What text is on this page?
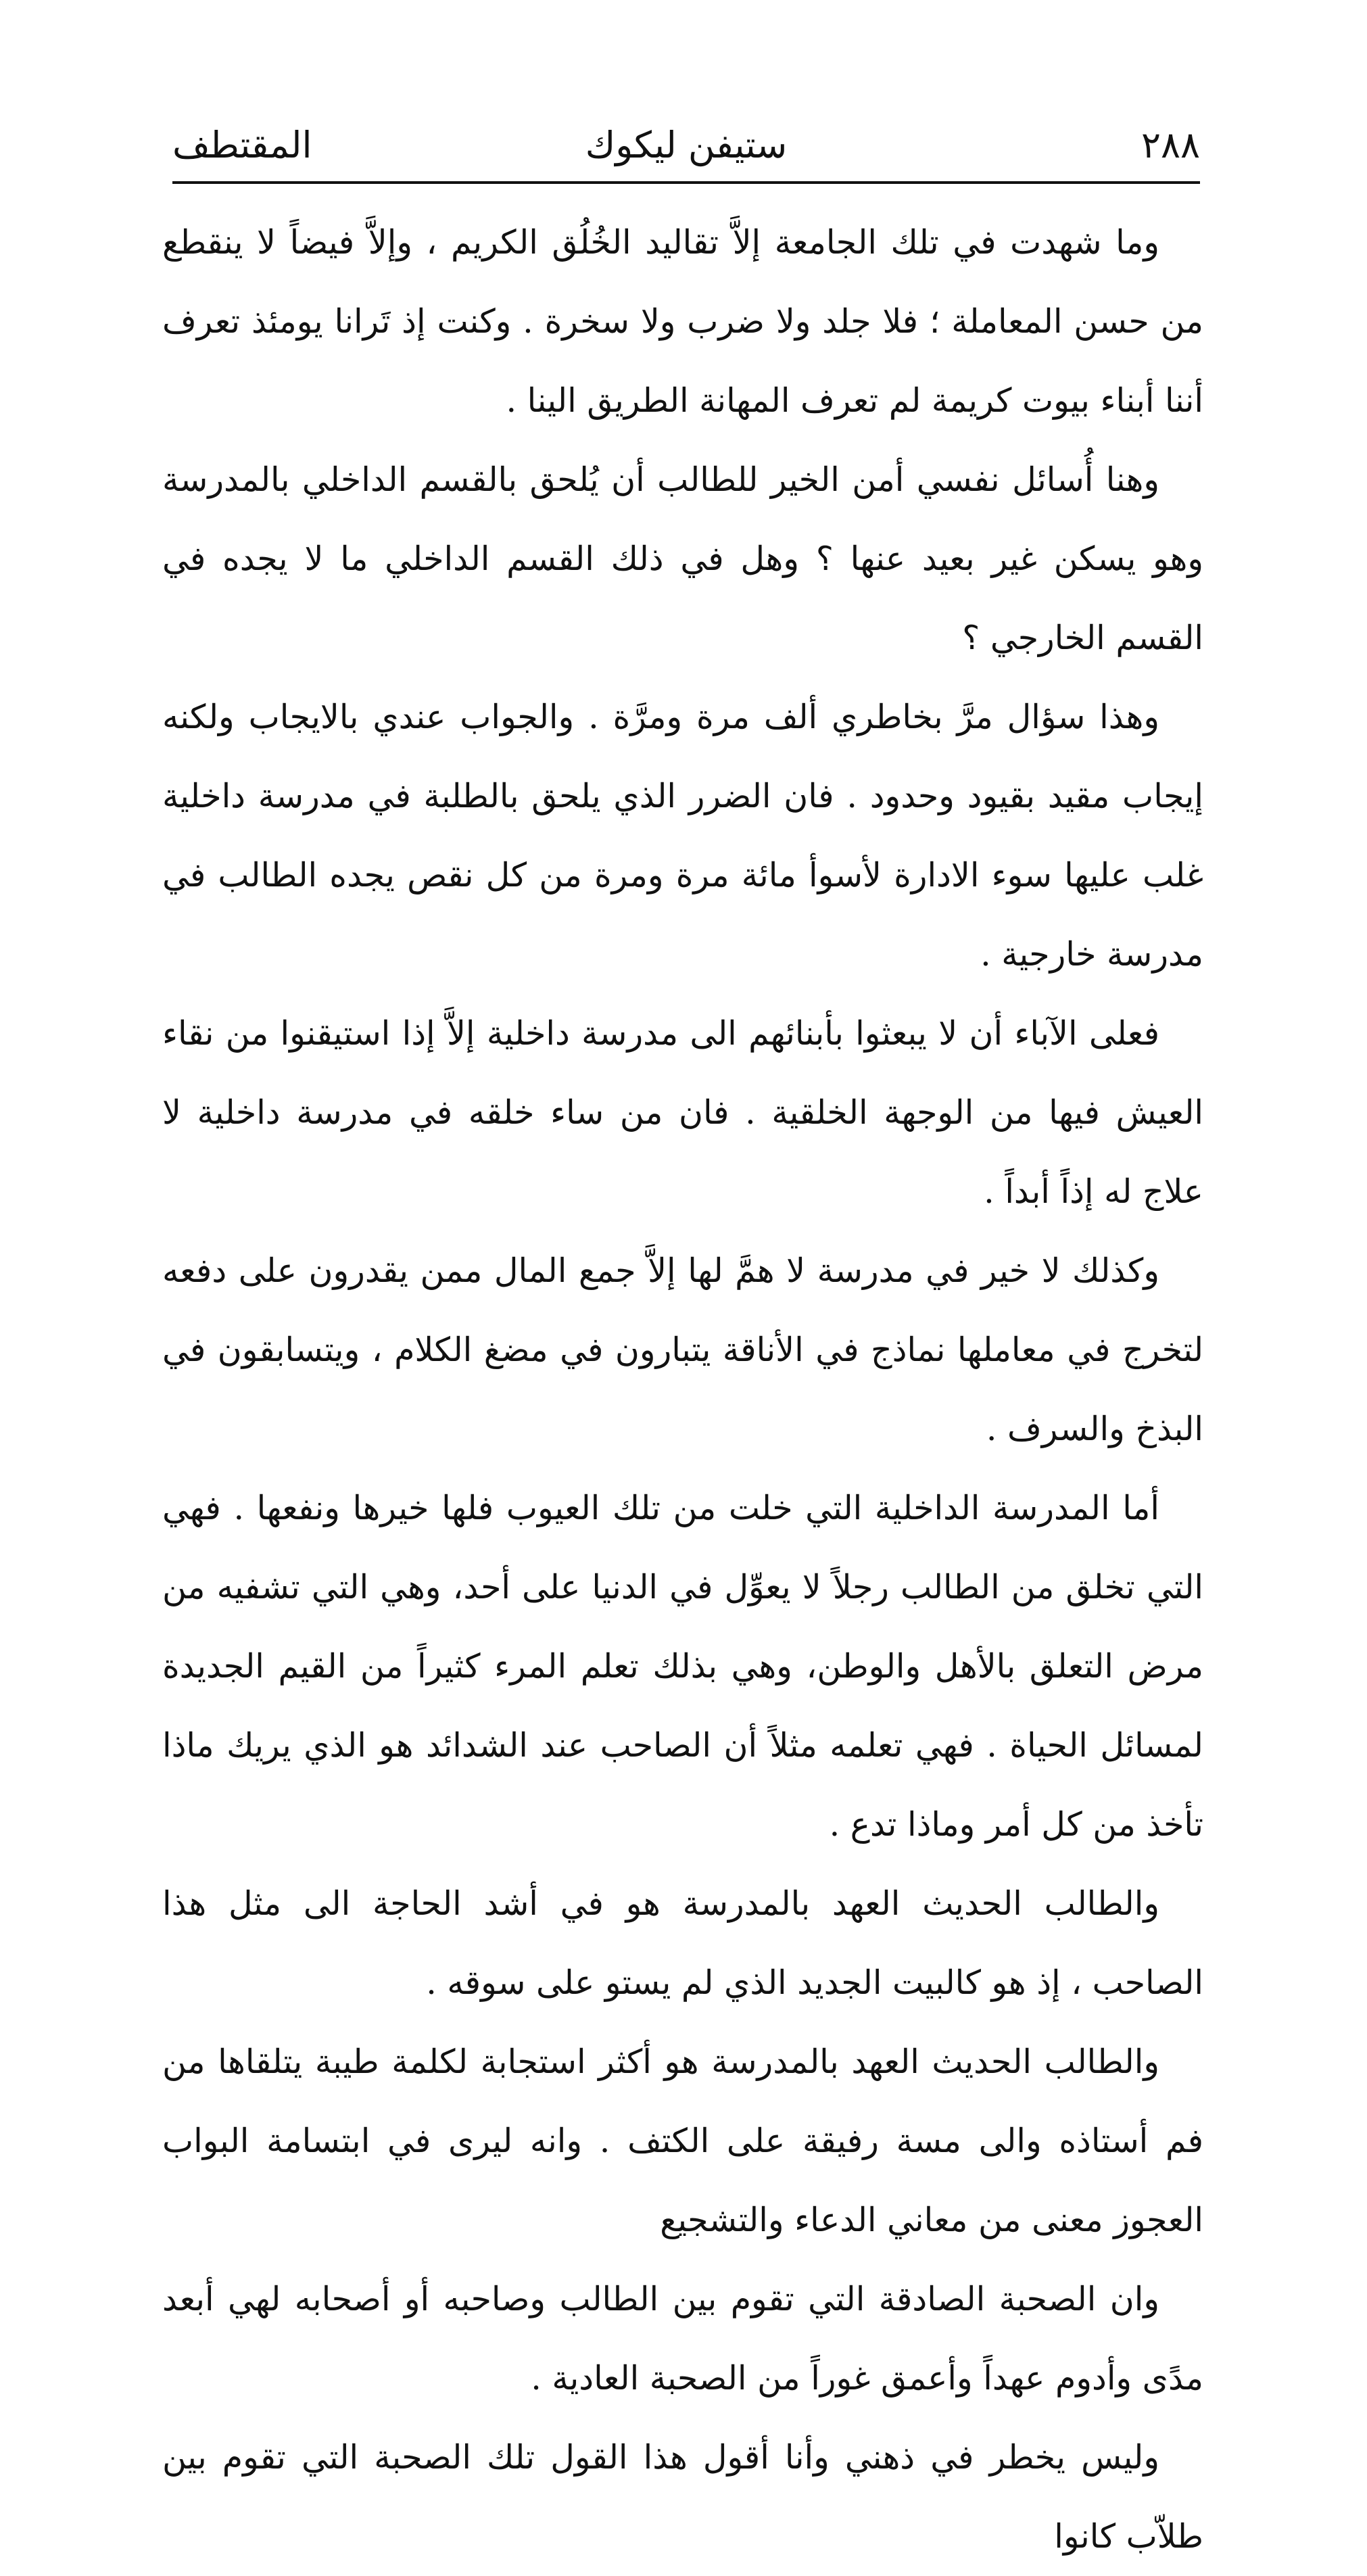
٢٨٨
ستيفن ليكوك
المقتطف

وما شهدت في تلك الجامعة إلاَّ تقاليد الخُلُق الكريم ، وإلاَّ فيضاً لا ينقطع من حسن المعاملة ؛ فلا جلد ولا ضرب ولا سخرة . وكنت إذ تَرانا يومئذ تعرف أننا أبناء بيوت كريمة لم تعرف المهانة الطريق الينا .

وهنا أُسائل نفسي أمن الخير للطالب أن يُلحق بالقسم الداخلي بالمدرسة وهو يسكن غير بعيد عنها ؟ وهل في ذلك القسم الداخلي ما لا يجده في القسم الخارجي ؟

وهذا سؤال مرَّ بخاطري ألف مرة ومرَّة . والجواب عندي بالايجاب ولكنه إيجاب مقيد بقيود وحدود . فان الضرر الذي يلحق بالطلبة في مدرسة داخلية غلب عليها سوء الادارة لأسوأ مائة مرة ومرة من كل نقص يجده الطالب في مدرسة خارجية .

فعلى الآباء أن لا يبعثوا بأبنائهم الى مدرسة داخلية إلاَّ إذا استيقنوا من نقاء العيش فيها من الوجهة الخلقية . فان من ساء خلقه في مدرسة داخلية لا علاج له إذاً أبداً .

وكذلك لا خير في مدرسة لا همَّ لها إلاَّ جمع المال ممن يقدرون على دفعه لتخرج في معاملها نماذج في الأناقة يتبارون في مضغ الكلام ، ويتسابقون في البذخ والسرف .

أما المدرسة الداخلية التي خلت من تلك العيوب فلها خيرها ونفعها . فهي التي تخلق من الطالب رجلاً لا يعوِّل في الدنيا على أحد، وهي التي تشفيه من مرض التعلق بالأهل والوطن، وهي بذلك تعلم المرء كثيراً من القيم الجديدة لمسائل الحياة . فهي تعلمه مثلاً أن الصاحب عند الشدائد هو الذي يريك ماذا تأخذ من كل أمر وماذا تدع .

والطالب الحديث العهد بالمدرسة هو في أشد الحاجة الى مثل هذا الصاحب ، إذ هو كالبيت الجديد الذي لم يستو على سوقه .

والطالب الحديث العهد بالمدرسة هو أكثر استجابة لكلمة طيبة يتلقاها من فم أستاذه والى مسة رفيقة على الكتف . وانه ليرى في ابتسامة البواب العجوز معنى من معاني الدعاء والتشجيع

وان الصحبة الصادقة التي تقوم بين الطالب وصاحبه أو أصحابه لهي أبعد مدًى وأدوم عهداً وأعمق غوراً من الصحبة العادية .

وليس يخطر في ذهني وأنا أقول هذا القول تلك الصحبة التي تقوم بين طلاّب كانوا
